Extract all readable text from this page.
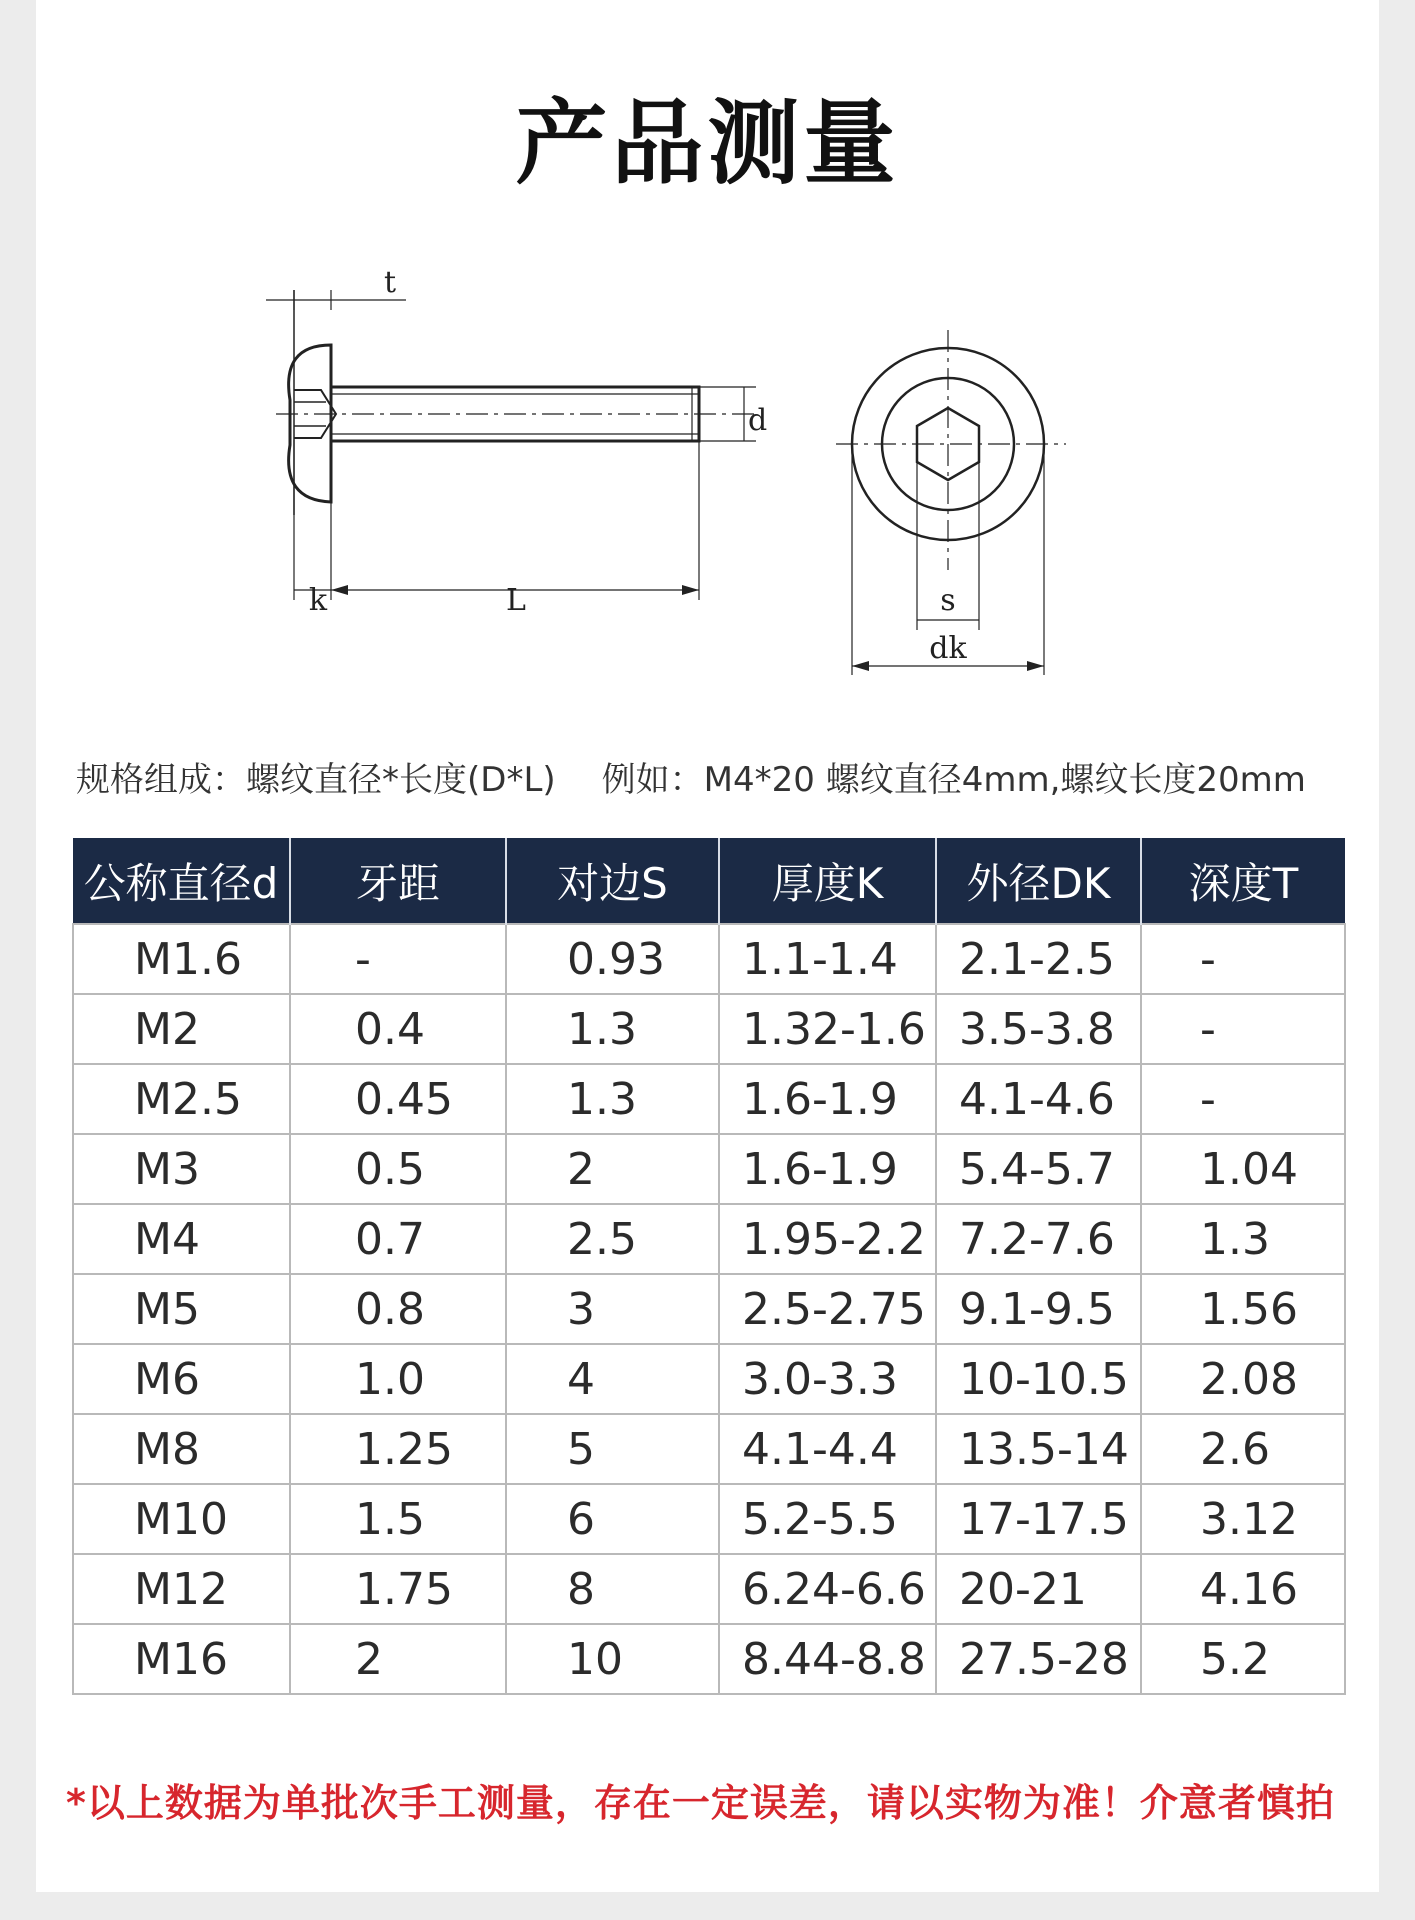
产品测量
t
d
k	L	s
dk
规格组成：螺纹直径*长度(D*L) 例如：M4*20 螺纹直径4mm,螺纹长度20mm
公称直径d	牙距	对边S	厚度K	外径DK	深度T
M1.6	-	0.93	1.1-1.4	2.1-2.5	-
M2	0.4	1.3	1.32-1.6	3.5-3.8	-
M2.5	0.45	1.3	1.6-1.9	4.1-4.6	-
M3	0.5	2	1.6-1.9	5.4-5.7	1.04
M4	0.7	2.5	1.95-2.2	7.2-7.6	1.3
M5	0.8	3	2.5-2.75	9.1-9.5	1.56
M6	1.0	4	3.0-3.3	10-10.5	2.08
M8	1.25	5	4.1-4.4	13.5-14	2.6
M10	1.5	6	5.2-5.5	17-17.5	3.12
M12	1.75	8	6.24-6.6	20-21	4.16
M16	2	10	8.44-8.8	27.5-28	5.2
*以上数据为单批次手工测量，存在一定误差，请以实物为准！介意者慎拍
